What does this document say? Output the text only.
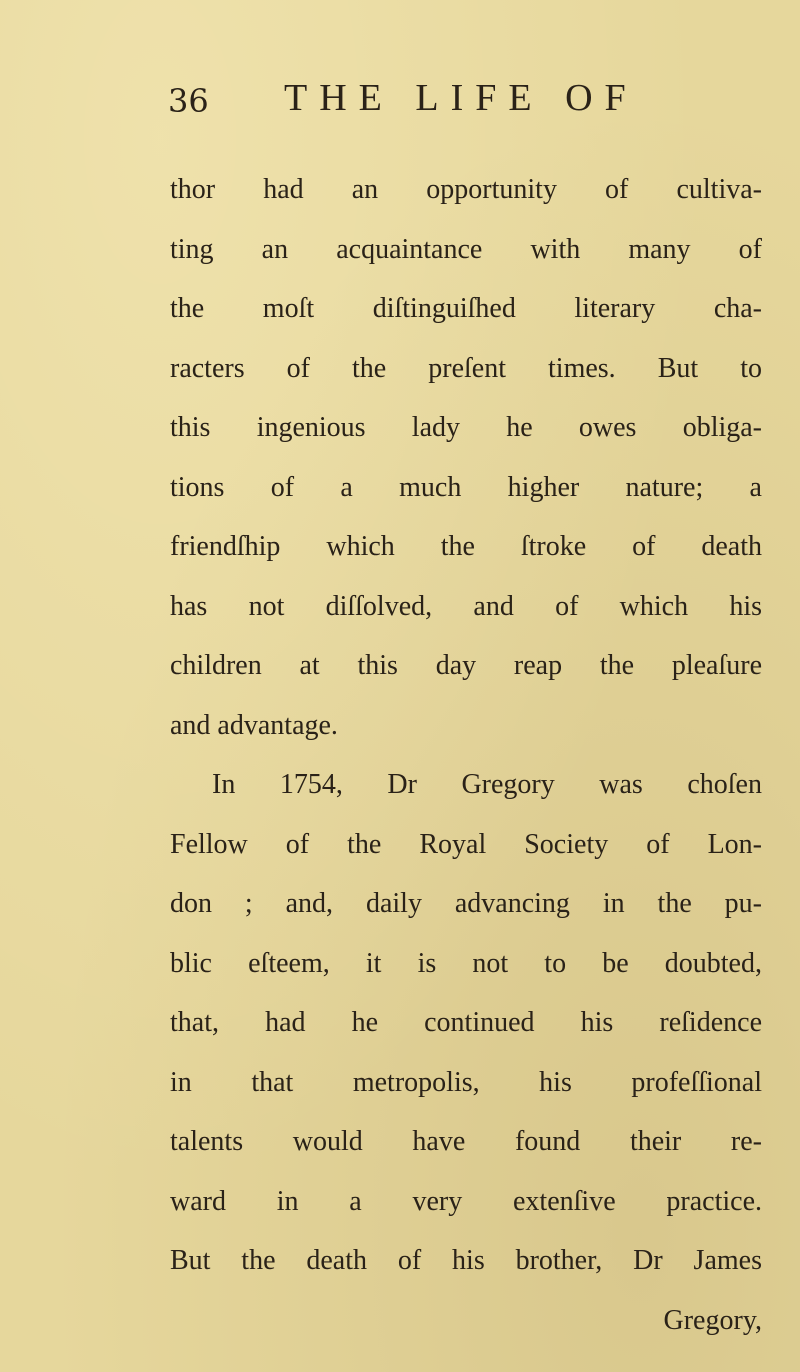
36 THE LIFE OF
thor had an opportunity of cultiva-
ting an acquaintance with many of
the moſt diſtinguiſhed literary cha-
racters of the preſent times. But to
this ingenious lady he owes obliga-
tions of a much higher nature; a
friendſhip which the ſtroke of death
has not diſſolved, and of which his
children at this day reap the pleaſure
and advantage.
In 1754, Dr Gregory was choſen
Fellow of the Royal Society of Lon-
don ; and, daily advancing in the pu-
blic eſteem, it is not to be doubted,
that, had he continued his reſidence
in that metropolis, his profeſſional
talents would have found their re-
ward in a very extenſive practice.
But the death of his brother, Dr James
Gregory,
